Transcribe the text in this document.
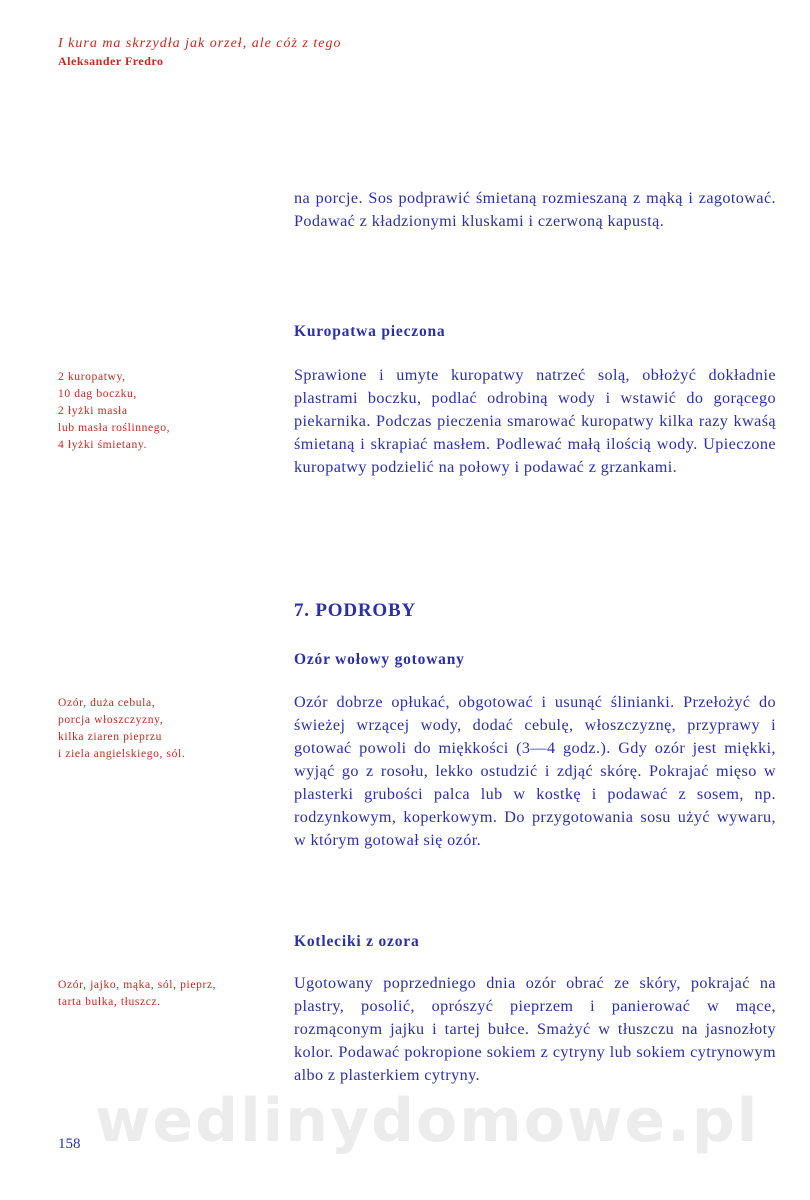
I kura ma skrzydła jak orzeł, ale cóż z tego
Aleksander Fredro
na porcje. Sos podprawić śmietaną rozmieszaną z mąką i zagotować. Podawać z kładzionymi kluskami i czerwoną kapustą.
Kuropatwa pieczona
2 kuropatwy,
10 dag boczku,
2 łyżki masła
lub masła roślinnego,
4 łyżki śmietany.
Sprawione i umyte kuropatwy natrzeć solą, obłożyć dokładnie plastrami boczku, podlać odrobiną wody i wstawić do gorącego piekarnika. Podczas pieczenia smarować kuropatwy kilka razy kwaśą śmietaną i skrapiać masłem. Podlewać małą ilością wody. Upieczone kuropatwy podzielić na połowy i podawać z grzankami.
7. PODROBY
Ozór wołowy gotowany
Ozór, duża cebula,
porcja włoszczyzny,
kilka ziaren pieprzu
i ziela angielskiego, sól.
Ozór dobrze opłukać, obgotować i usunąć ślinianki. Przełożyć do świeżej wrzącej wody, dodać cebulę, włoszczyznę, przyprawy i gotować powoli do miękkości (3—4 godz.). Gdy ozór jest miękki, wyjąć go z rosołu, lekko ostudzić i zdjąć skórę. Pokrajać mięso w plasterki grubości palca lub w kostkę i podawać z sosem, np. rodzynkowym, koperkowym. Do przygotowania sosu użyć wywaru, w którym gotował się ozór.
Kotleciki z ozora
Ozór, jajko, mąka, sól, pieprz,
tarta bułka, tłuszcz.
Ugotowany poprzedniego dnia ozór obrać ze skóry, pokrajać na plastry, posolić, oprószyć pieprzem i panierować w mące, rozmąconym jajku i tartej bułce. Smażyć w tłuszczu na jasnozłoty kolor. Podawać pokropione sokiem z cytryny lub sokiem cytrynowym albo z plasterkiem cytryny.
wedlinydomowe.pl
158
